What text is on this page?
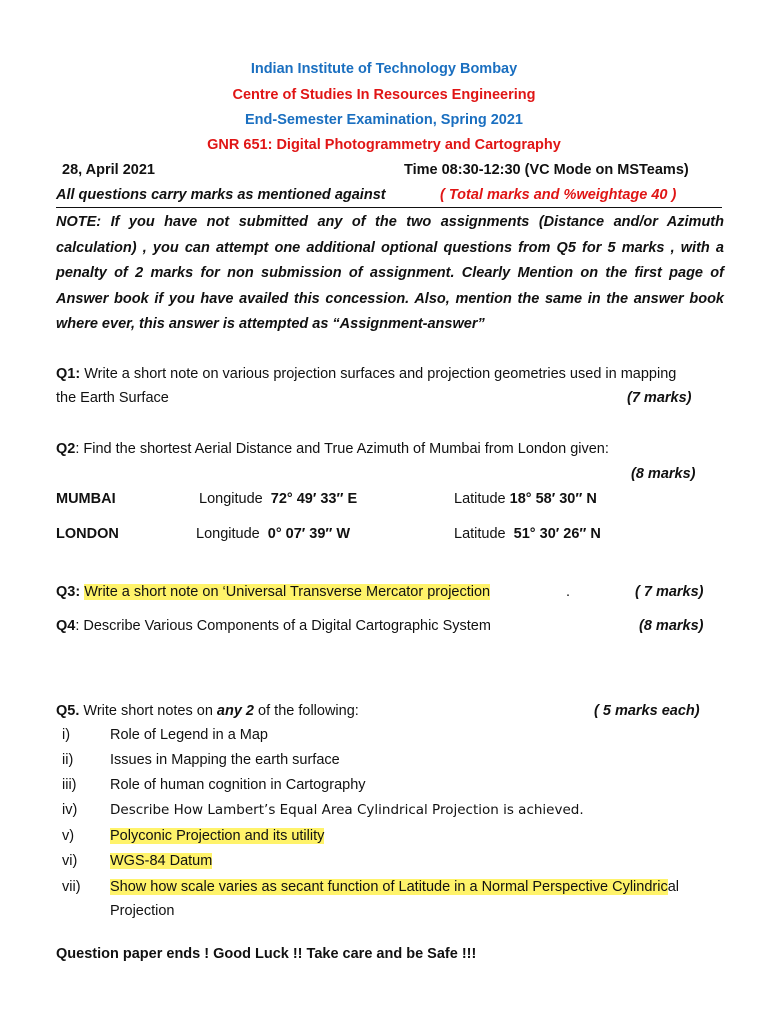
Indian Institute of Technology Bombay
Centre of Studies In Resources Engineering
End-Semester Examination, Spring 2021
GNR 651: Digital Photogrammetry and Cartography
28, April 2021	Time 08:30-12:30 (VC Mode on MSTeams)
All questions carry marks as mentioned against	( Total marks and %weightage 40 )
NOTE: If you have not submitted any of the two assignments (Distance and/or Azimuth calculation) , you can attempt one additional optional questions from Q5 for 5 marks , with a penalty of 2 marks for non submission of assignment. Clearly Mention on the first page of Answer book if you have availed this concession. Also, mention the same in the answer book where ever, this answer is attempted as “Assignment-answer”
Q1: Write a short note on various projection surfaces and projection geometries used in mapping
the Earth Surface	(7 marks)
Q2: Find the shortest Aerial Distance and True Azimuth of Mumbai from London given:
(8 marks)
MUMBAI	Longitude 72° 49′ 33″ E	Latitude 18° 58′ 30″ N
LONDON	Longitude 0° 07′ 39″ W	Latitude 51° 30′ 26″ N
Q3: Write a short note on ‘Universal Transverse Mercator projection	.	( 7 marks)
Q4: Describe Various Components of a Digital Cartographic System	(8 marks)
Q5. Write short notes on any 2 of the following:	( 5 marks each)
i)	Role of Legend in a Map
ii)	Issues in Mapping the earth surface
iii) Role of human cognition in Cartography
iv) Describe How Lambert’s Equal Area Cylindrical Projection is achieved.
v) Polyconic Projection and its utility
vi) WGS-84 Datum
vii) Show how scale varies as secant function of Latitude in a Normal Perspective Cylindrical
Projection
Question paper ends ! Good Luck !! Take care and be Safe !!!
